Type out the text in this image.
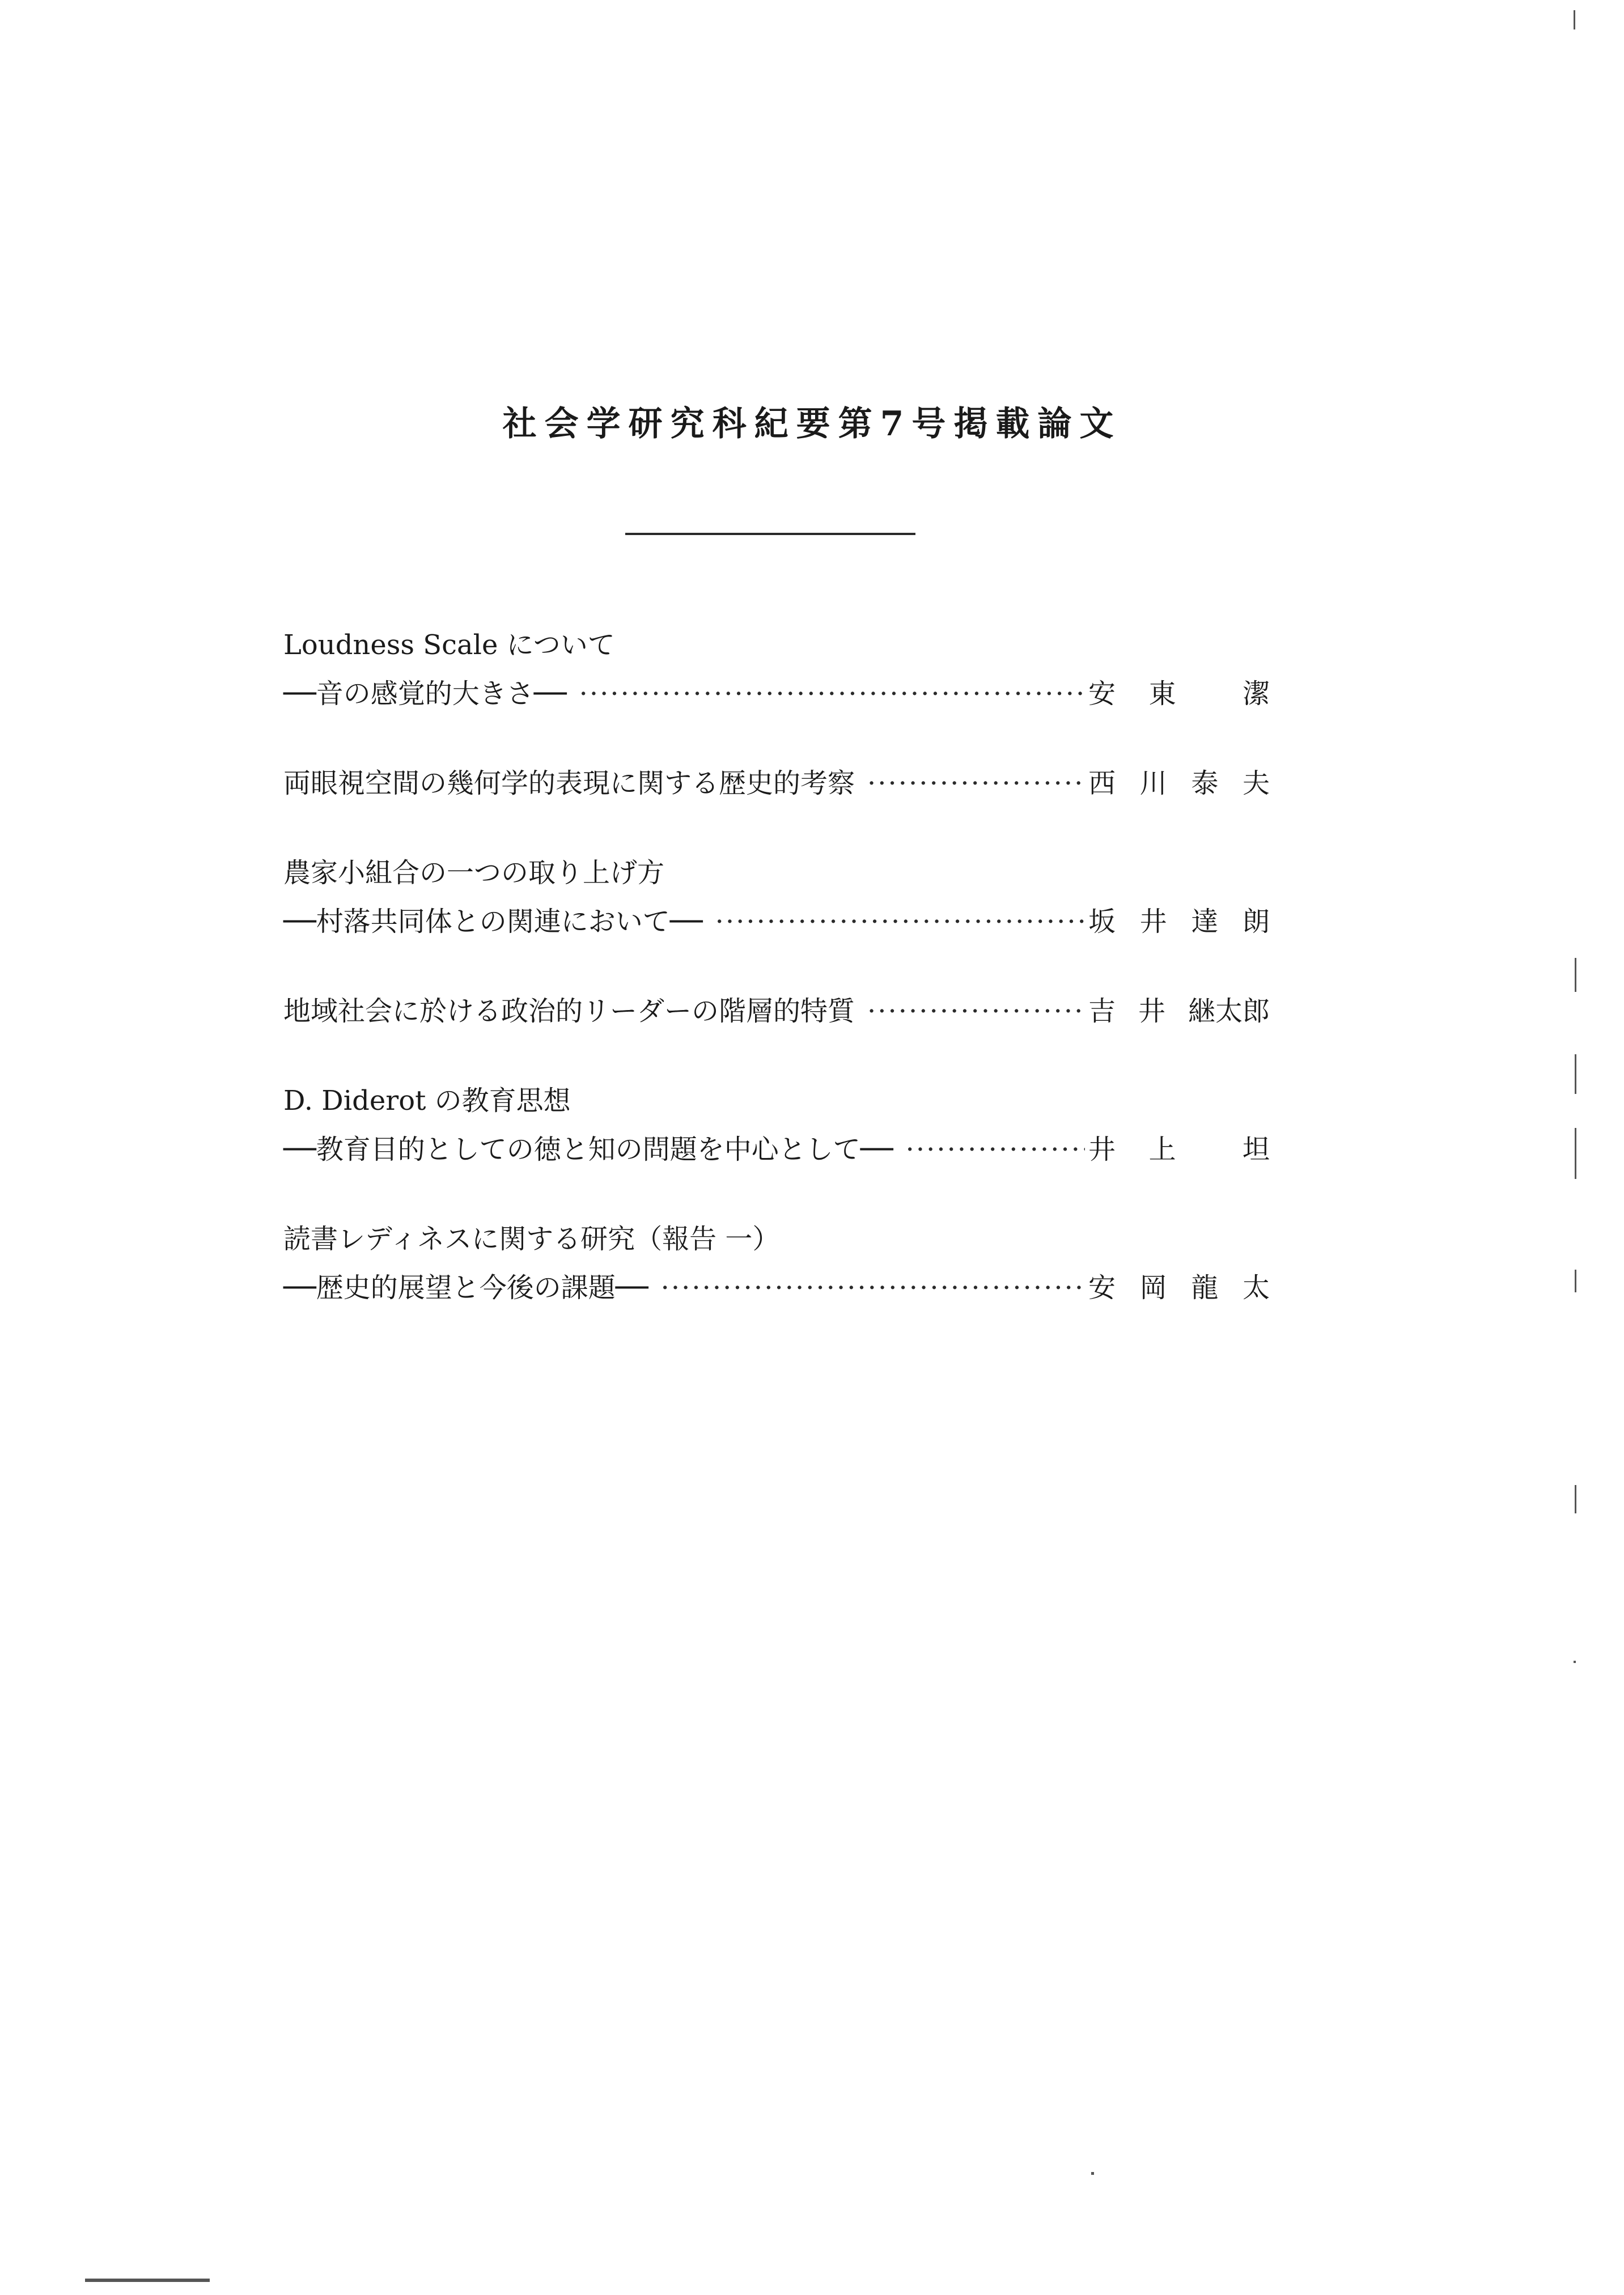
社会学研究科紀要第7号掲載論文
Loudness Scale について
──音の感覚的大きさ── ·····	安 東 潔
両眼視空間の幾何学的表現に関する歴史的考察 ·····	西 川 泰 夫
農家小組合の一つの取り上げ方
──村落共同体との関連において── ·····	坂 井 達 朗
地域社会に於ける政治的リーダーの階層的特質 ·····	吉 井 継太郎
D. Diderot の教育思想
──教育目的としての徳と知の問題を中心として── ·····	井 上 坦
読書レディネスに関する研究（報告 一）
──歴史的展望と今後の課題── ·····	安 岡 龍 太
